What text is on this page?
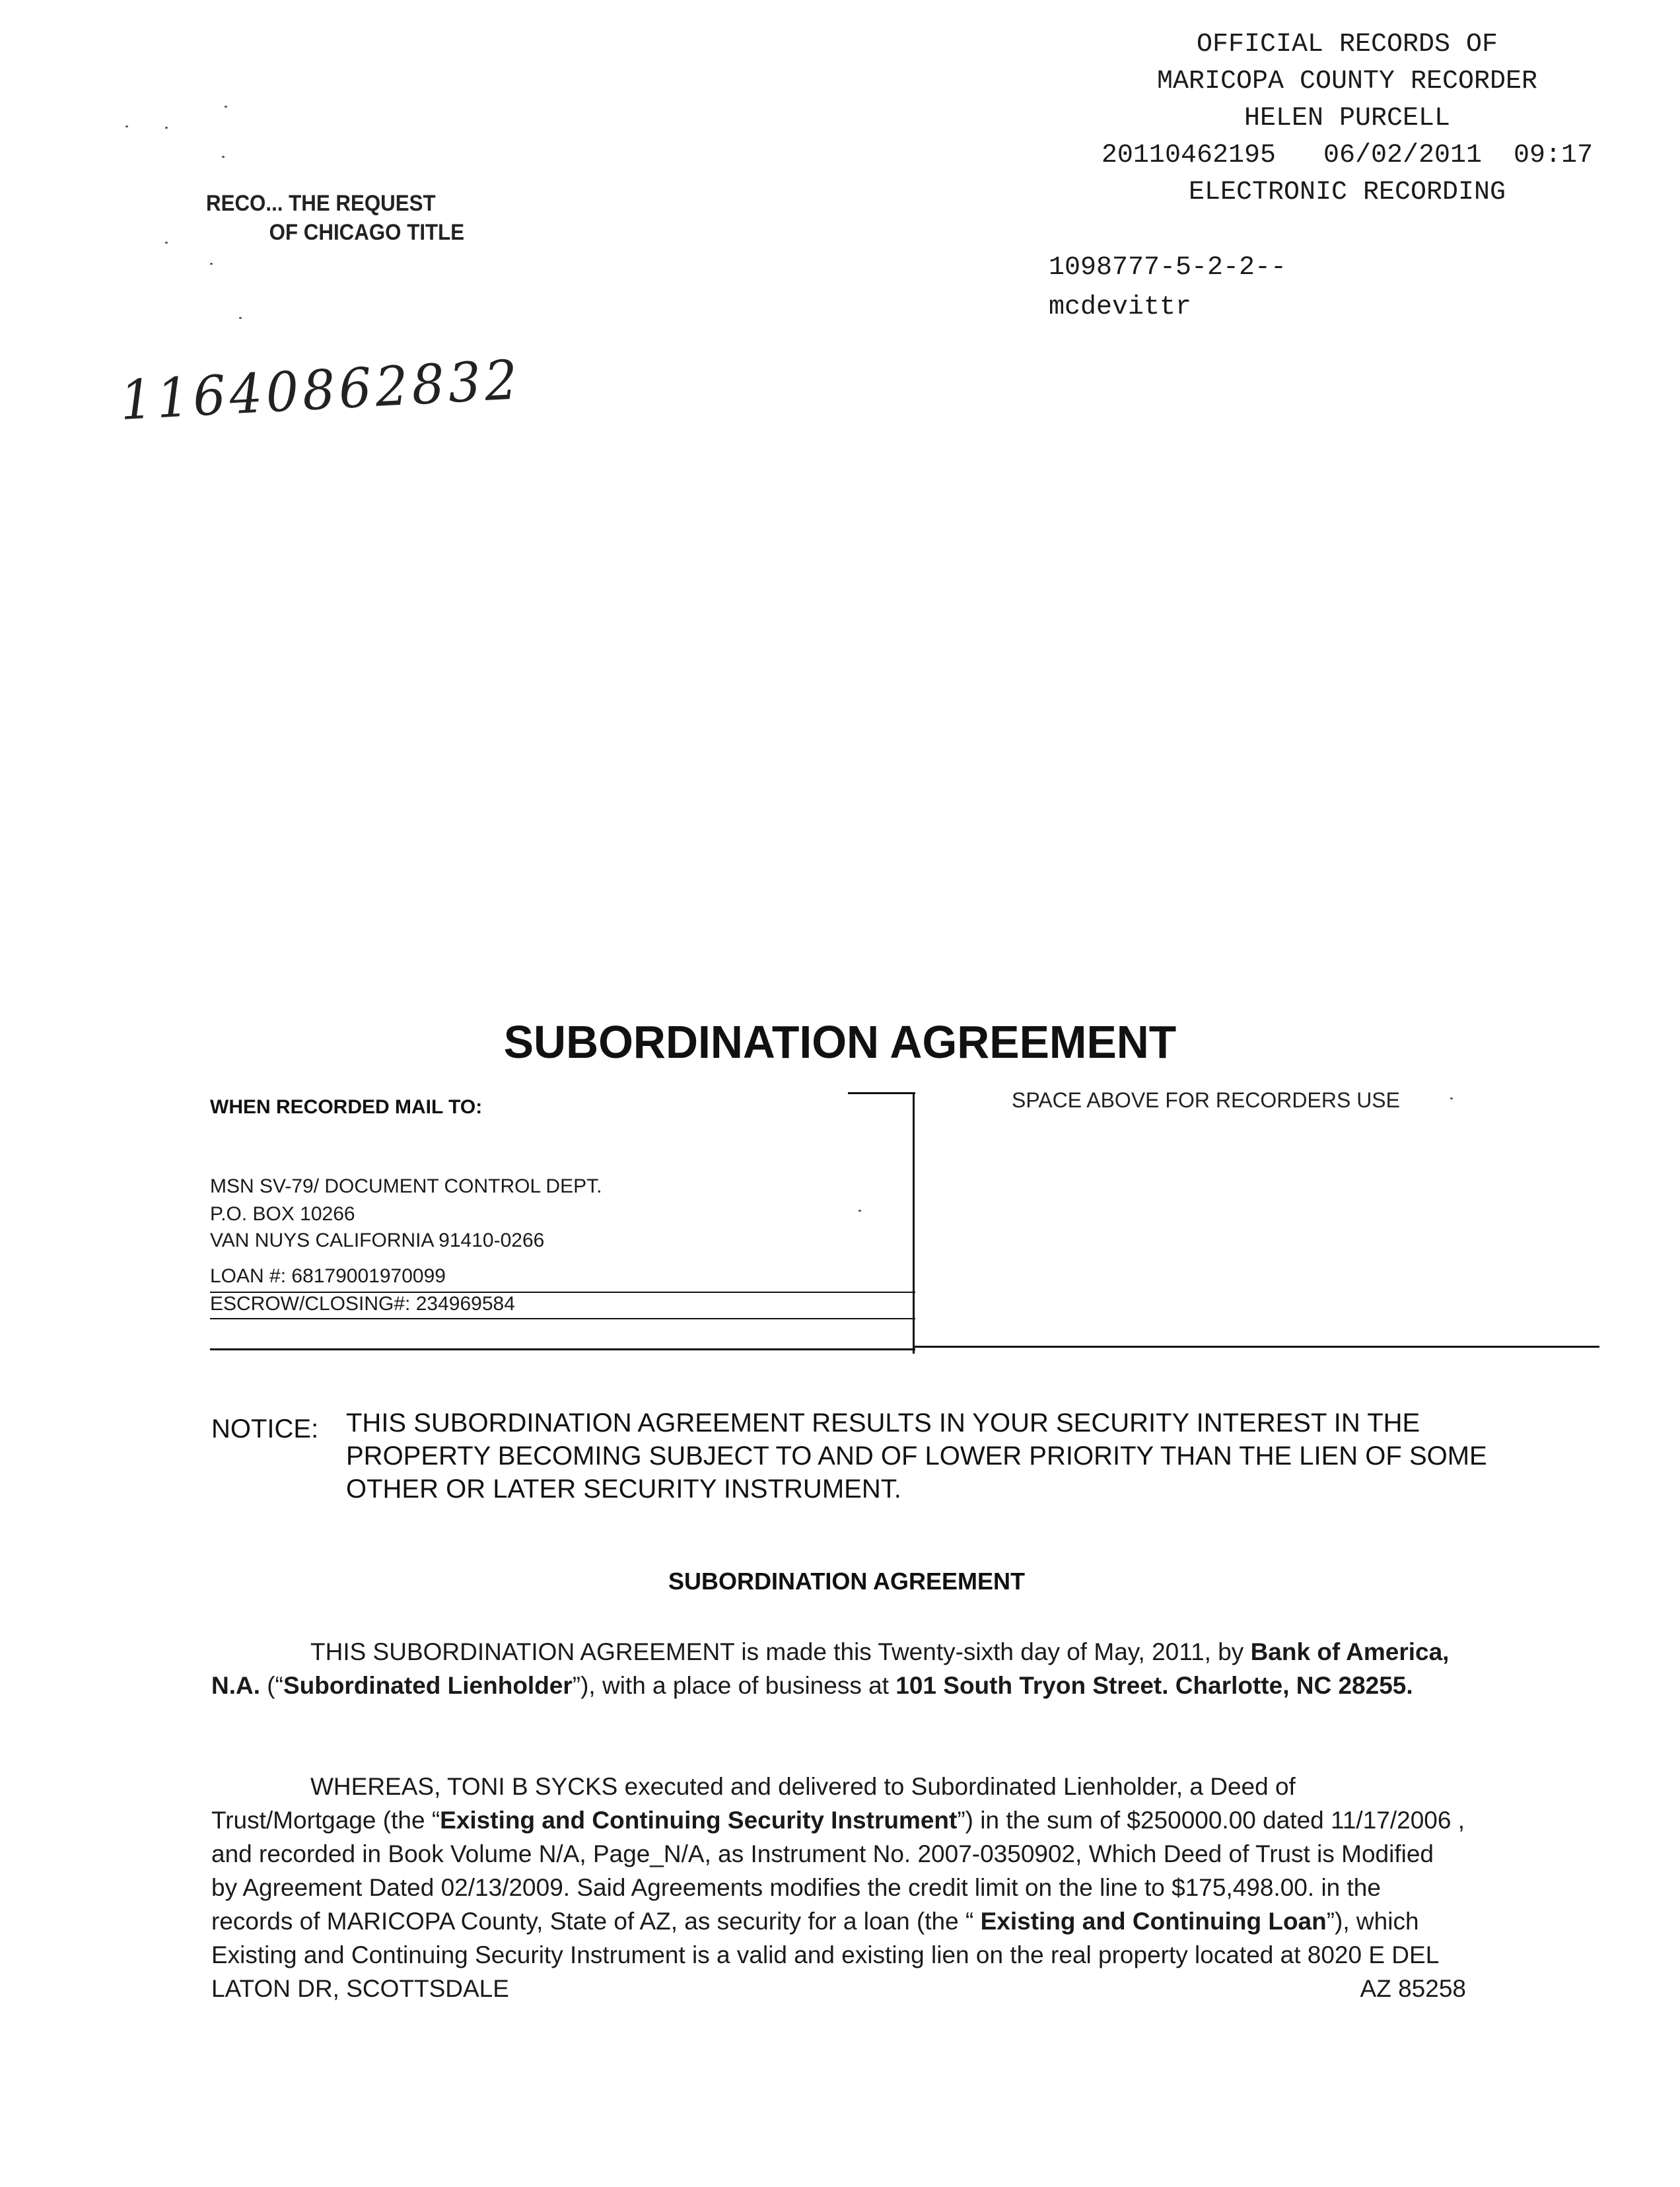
OFFICIAL RECORDS OF
MARICOPA COUNTY RECORDER
HELEN PURCELL
20110462195 06/02/2011 09:17
ELECTRONIC RECORDING
1098777-5-2-2--
mcdevittr
RECO... THE REQUEST
OF CHICAGO TITLE
11640862832
SUBORDINATION AGREEMENT
WHEN RECORDED MAIL TO:	SPACE ABOVE FOR RECORDERS USE
MSN SV-79/ DOCUMENT CONTROL DEPT.
P.O. BOX 10266
VAN NUYS CALIFORNIA 91410-0266
LOAN #: 68179001970099
ESCROW/CLOSING#: 234969584
NOTICE: THIS SUBORDINATION AGREEMENT RESULTS IN YOUR SECURITY INTEREST IN THE PROPERTY BECOMING SUBJECT TO AND OF LOWER PRIORITY THAN THE LIEN OF SOME OTHER OR LATER SECURITY INSTRUMENT.
SUBORDINATION AGREEMENT

THIS SUBORDINATION AGREEMENT is made this Twenty-sixth day of May, 2011, by Bank of America, N.A. (“Subordinated Lienholder”), with a place of business at 101 South Tryon Street. Charlotte, NC 28255.

WHEREAS, TONI B SYCKS executed and delivered to Subordinated Lienholder, a Deed of Trust/Mortgage (the “Existing and Continuing Security Instrument”) in the sum of $250000.00 dated 11/17/2006 , and recorded in Book Volume N/A, Page_N/A, as Instrument No. 2007-0350902, Which Deed of Trust is Modified by Agreement Dated 02/13/2009. Said Agreements modifies the credit limit on the line to $175,498.00. in the records of MARICOPA County, State of AZ, as security for a loan (the “ Existing and Continuing Loan”), which Existing and Continuing Security Instrument is a valid and existing lien on the real property located at 8020 E DEL LATON DR, SCOTTSDALE	AZ 85258
